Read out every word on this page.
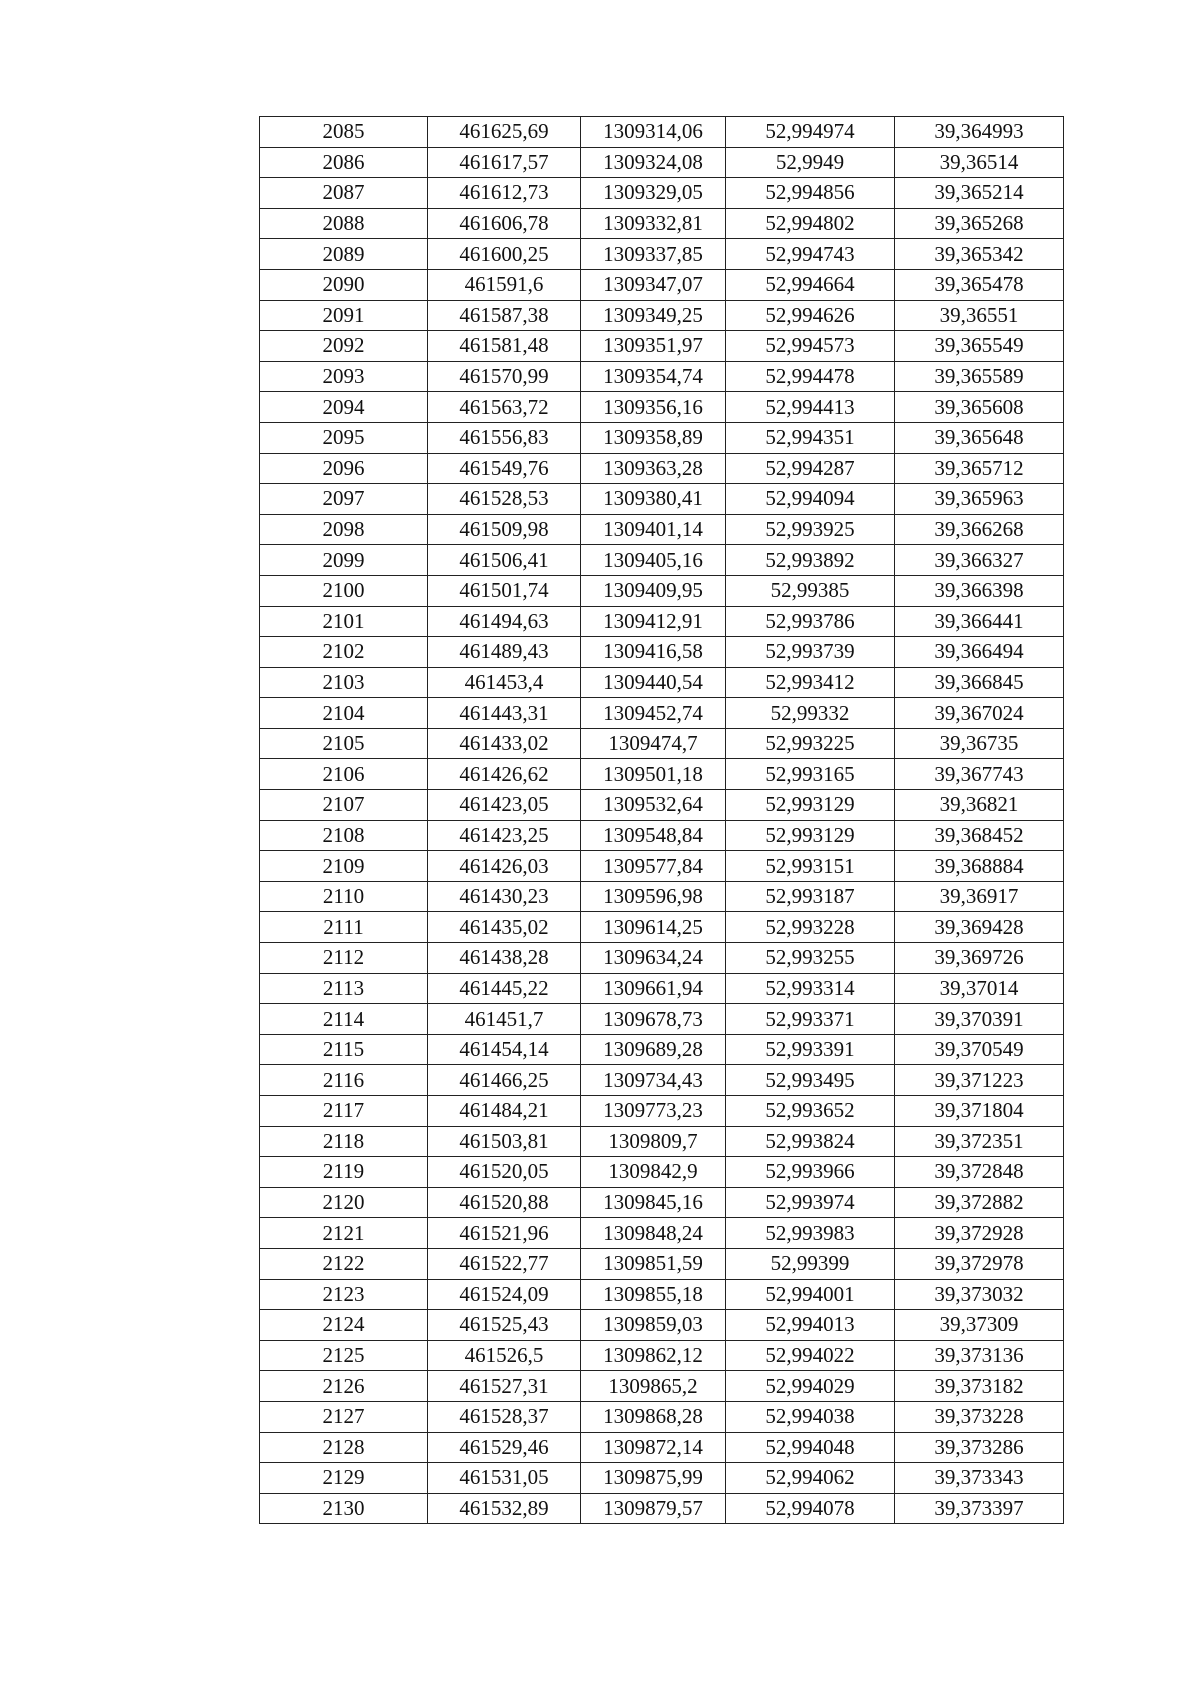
2085	461625,69	1309314,06	52,994974	39,364993
2086	461617,57	1309324,08	52,9949	39,36514
2087	461612,73	1309329,05	52,994856	39,365214
2088	461606,78	1309332,81	52,994802	39,365268
2089	461600,25	1309337,85	52,994743	39,365342
2090	461591,6	1309347,07	52,994664	39,365478
2091	461587,38	1309349,25	52,994626	39,36551
2092	461581,48	1309351,97	52,994573	39,365549
2093	461570,99	1309354,74	52,994478	39,365589
2094	461563,72	1309356,16	52,994413	39,365608
2095	461556,83	1309358,89	52,994351	39,365648
2096	461549,76	1309363,28	52,994287	39,365712
2097	461528,53	1309380,41	52,994094	39,365963
2098	461509,98	1309401,14	52,993925	39,366268
2099	461506,41	1309405,16	52,993892	39,366327
2100	461501,74	1309409,95	52,99385	39,366398
2101	461494,63	1309412,91	52,993786	39,366441
2102	461489,43	1309416,58	52,993739	39,366494
2103	461453,4	1309440,54	52,993412	39,366845
2104	461443,31	1309452,74	52,99332	39,367024
2105	461433,02	1309474,7	52,993225	39,36735
2106	461426,62	1309501,18	52,993165	39,367743
2107	461423,05	1309532,64	52,993129	39,36821
2108	461423,25	1309548,84	52,993129	39,368452
2109	461426,03	1309577,84	52,993151	39,368884
2110	461430,23	1309596,98	52,993187	39,36917
2111	461435,02	1309614,25	52,993228	39,369428
2112	461438,28	1309634,24	52,993255	39,369726
2113	461445,22	1309661,94	52,993314	39,37014
2114	461451,7	1309678,73	52,993371	39,370391
2115	461454,14	1309689,28	52,993391	39,370549
2116	461466,25	1309734,43	52,993495	39,371223
2117	461484,21	1309773,23	52,993652	39,371804
2118	461503,81	1309809,7	52,993824	39,372351
2119	461520,05	1309842,9	52,993966	39,372848
2120	461520,88	1309845,16	52,993974	39,372882
2121	461521,96	1309848,24	52,993983	39,372928
2122	461522,77	1309851,59	52,99399	39,372978
2123	461524,09	1309855,18	52,994001	39,373032
2124	461525,43	1309859,03	52,994013	39,37309
2125	461526,5	1309862,12	52,994022	39,373136
2126	461527,31	1309865,2	52,994029	39,373182
2127	461528,37	1309868,28	52,994038	39,373228
2128	461529,46	1309872,14	52,994048	39,373286
2129	461531,05	1309875,99	52,994062	39,373343
2130	461532,89	1309879,57	52,994078	39,373397
